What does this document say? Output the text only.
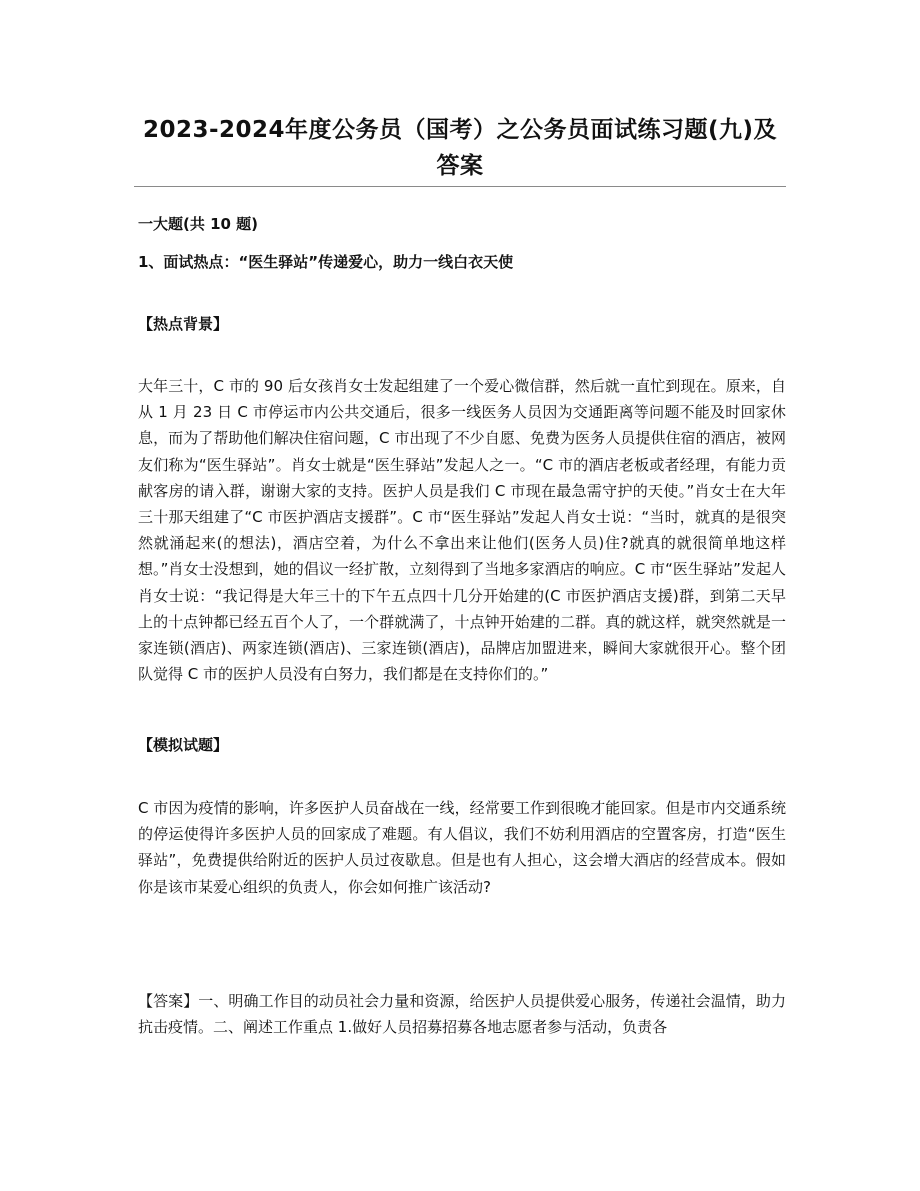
2023-2024年度公务员（国考）之公务员面试练习题(九)及
答案

一大题(共 10 题)

1、面试热点：“医生驿站”传递爱心，助力一线白衣天使

【热点背景】

大年三十，C 市的 90 后女孩肖女士发起组建了一个爱心微信群，然后就一直忙到现在。原来，自从 1 月 23 日 C 市停运市内公共交通后，很多一线医务人员因为交通距离等问题不能及时回家休息，而为了帮助他们解决住宿问题，C 市出现了不少自愿、免费为医务人员提供住宿的酒店，被网友们称为“医生驿站”。肖女士就是“医生驿站”发起人之一。“C 市的酒店老板或者经理，有能力贡献客房的请入群，谢谢大家的支持。医护人员是我们 C 市现在最急需守护的天使。”肖女士在大年三十那天组建了“C 市医护酒店支援群”。C 市“医生驿站”发起人肖女士说：“当时，就真的是很突然就涌起来(的想法)，酒店空着，为什么不拿出来让他们(医务人员)住?就真的就很简单地这样想。”肖女士没想到，她的倡议一经扩散，立刻得到了当地多家酒店的响应。C 市“医生驿站”发起人肖女士说：“我记得是大年三十的下午五点四十几分开始建的(C 市医护酒店支援)群，到第二天早上的十点钟都已经五百个人了，一个群就满了，十点钟开始建的二群。真的就这样，就突然就是一家连锁(酒店)、两家连锁(酒店)、三家连锁(酒店)，品牌店加盟进来，瞬间大家就很开心。整个团队觉得 C 市的医护人员没有白努力，我们都是在支持你们的。”

【模拟试题】

C 市因为疫情的影响，许多医护人员奋战在一线，经常要工作到很晚才能回家。但是市内交通系统的停运使得许多医护人员的回家成了难题。有人倡议，我们不妨利用酒店的空置客房，打造“医生驿站”，免费提供给附近的医护人员过夜歇息。但是也有人担心，这会增大酒店的经营成本。假如你是该市某爱心组织的负责人，你会如何推广该活动?

【答案】一、明确工作目的动员社会力量和资源，给医护人员提供爱心服务，传递社会温情，助力抗击疫情。二、阐述工作重点 1.做好人员招募招募各地志愿者参与活动，负责各
